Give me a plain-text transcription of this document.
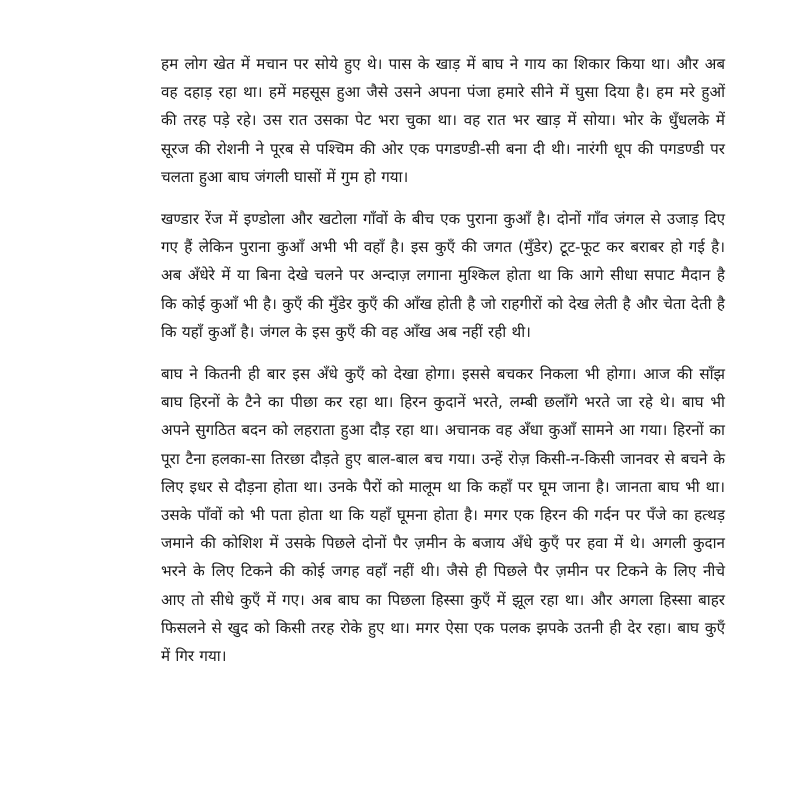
हम लोग खेत में मचान पर सोये हुए थे। पास के खाड़ में बाघ ने गाय का शिकार किया था। और अब वह दहाड़ रहा था। हमें महसूस हुआ जैसे उसने अपना पंजा हमारे सीने में घुसा दिया है। हम मरे हुओं की तरह पड़े रहे। उस रात उसका पेट भरा चुका था। वह रात भर खाड़ में सोया। भोर के धुँधलके में सूरज की रोशनी ने पूरब से पश्चिम की ओर एक पगडण्डी-सी बना दी थी। नारंगी धूप की पगडण्डी पर चलता हुआ बाघ जंगली घासों में गुम हो गया।

खण्डार रेंज में इण्डोला और खटोला गाँवों के बीच एक पुराना कुआँ है। दोनों गाँव जंगल से उजाड़ दिए गए हैं लेकिन पुराना कुआँ अभी भी वहाँ है। इस कुएँ की जगत (मुँडेर) टूट-फूट कर बराबर हो गई है। अब अँधेरे में या बिना देखे चलने पर अन्दाज़ लगाना मुश्किल होता था कि आगे सीधा सपाट मैदान है कि कोई कुआँ भी है। कुएँ की मुँडेर कुएँ की आँख होती है जो राहगीरों को देख लेती है और चेता देती है कि यहाँ कुआँ है। जंगल के इस कुएँ की वह आँख अब नहीं रही थी।

बाघ ने कितनी ही बार इस अँधे कुएँ को देखा होगा। इससे बचकर निकला भी होगा। आज की साँझ बाघ हिरनों के टैने का पीछा कर रहा था। हिरन कुदानें भरते, लम्बी छलाँगे भरते जा रहे थे। बाघ भी अपने सुगठित बदन को लहराता हुआ दौड़ रहा था। अचानक वह अँधा कुआँ सामने आ गया। हिरनों का पूरा टैना हलका-सा तिरछा दौड़ते हुए बाल-बाल बच गया। उन्हें रोज़ किसी-न-किसी जानवर से बचने के लिए इधर से दौड़ना होता था। उनके पैरों को मालूम था कि कहाँ पर घूम जाना है। जानता बाघ भी था। उसके पाँवों को भी पता होता था कि यहाँ घूमना होता है। मगर एक हिरन की गर्दन पर पँजे का हत्थड़ जमाने की कोशिश में उसके पिछले दोनों पैर ज़मीन के बजाय अँधे कुएँ पर हवा में थे। अगली कुदान भरने के लिए टिकने की कोई जगह वहाँ नहीं थी। जैसे ही पिछले पैर ज़मीन पर टिकने के लिए नीचे आए तो सीधे कुएँ में गए। अब बाघ का पिछला हिस्सा कुएँ में झूल रहा था। और अगला हिस्सा बाहर फिसलने से खुद को किसी तरह रोके हुए था। मगर ऐसा एक पलक झपके उतनी ही देर रहा। बाघ कुएँ में गिर गया।
